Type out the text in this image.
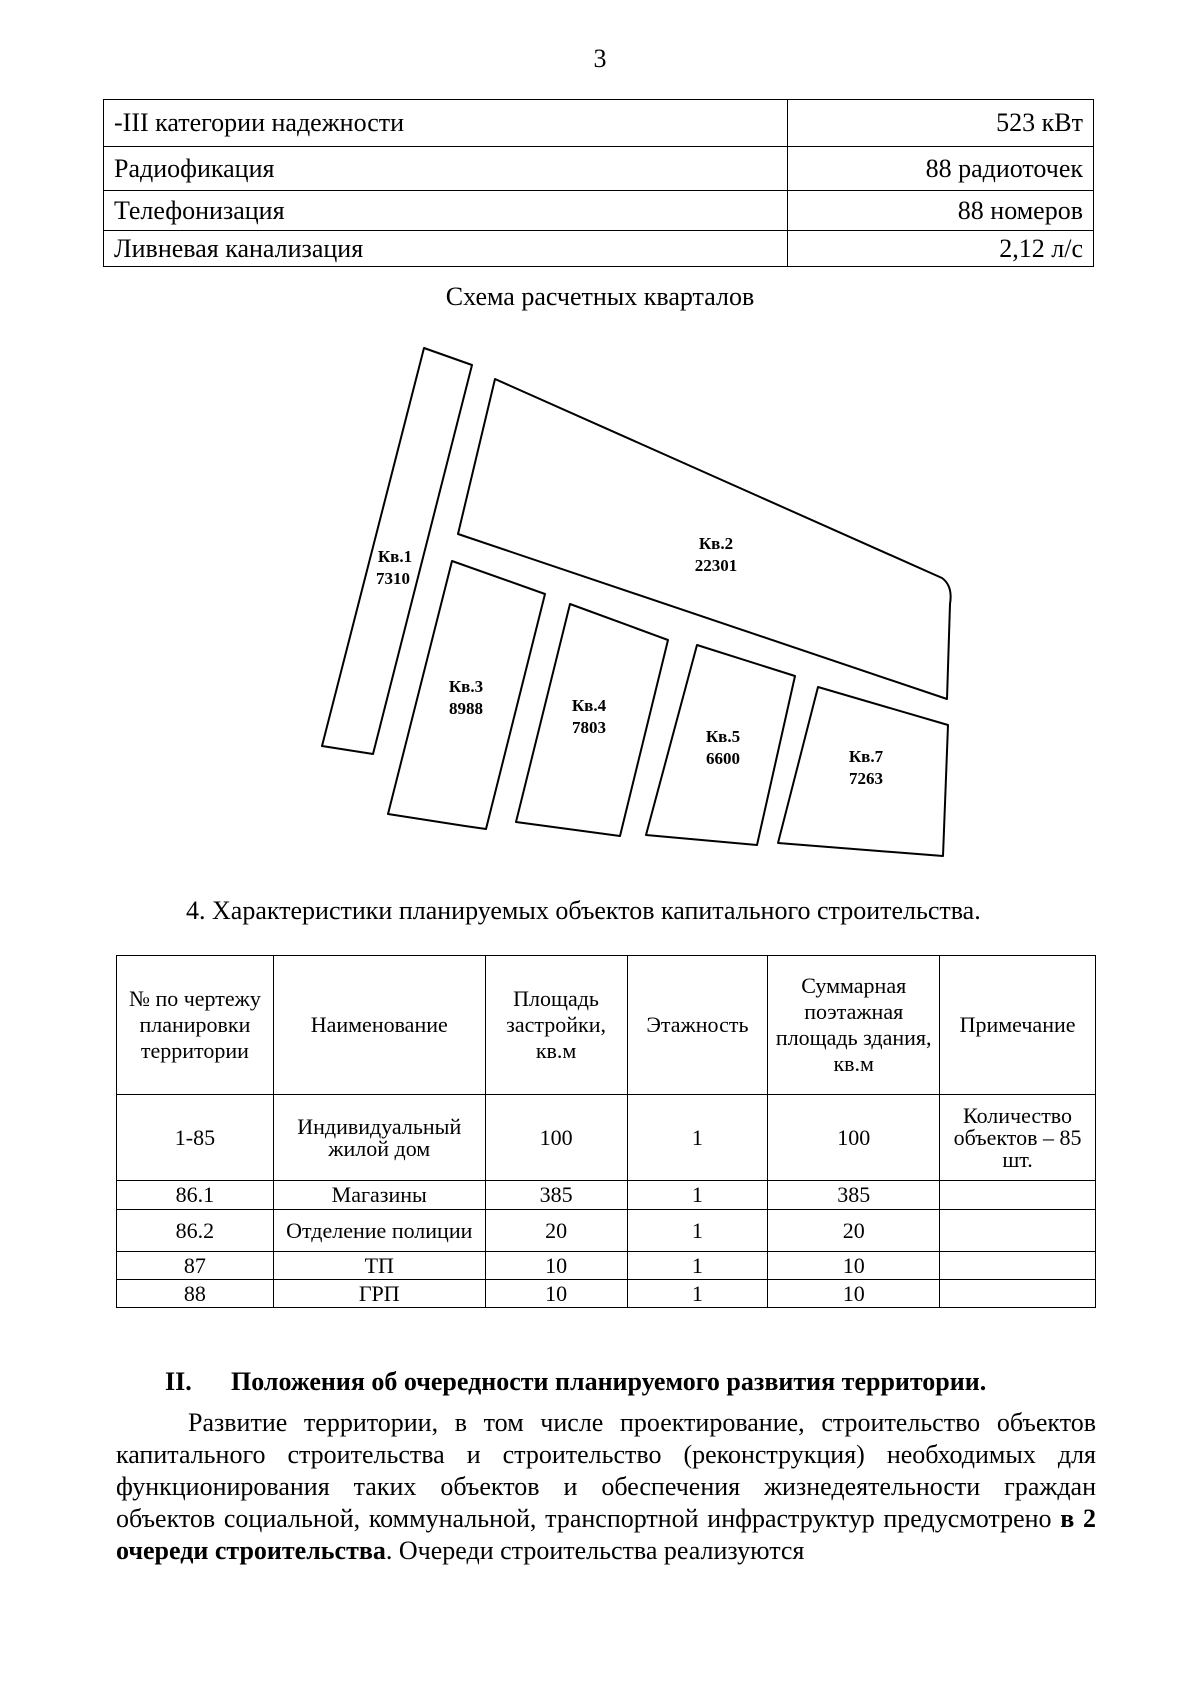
3
-III категории надежности	523 кВт
Радиофикация	88 радиоточек
Телефонизация	88 номеров
Ливневая канализация	2,12 л/с
Схема расчетных кварталов
Кв.1
7310
Кв.2
22301
Кв.3
8988	Кв.4
7803	Кв.5
6600	Кв.7
7263
4. Характеристики планируемых объектов капитального строительства.
№ по чертежу планировки территории	Наименование	Площадь застройки, кв.м	Этажность	Суммарная поэтажная площадь здания, кв.м	Примечание
1-85	Индивидуальный жилой дом	100	1	100	Количество объектов – 85 шт.
86.1	Магазины	385	1	385	
86.2	Отделение полиции	20	1	20	
87	ТП	10	1	10	
88	ГРП	10	1	10	
II. Положения об очередности планируемого развития территории.
Развитие территории, в том числе проектирование, строительство объектов капитального строительства и строительство (реконструкция) необходимых для функционирования таких объектов и обеспечения жизнедеятельности граждан объектов социальной, коммунальной, транспортной инфраструктур предусмотрено в 2 очереди строительства. Очереди строительства реализуются
